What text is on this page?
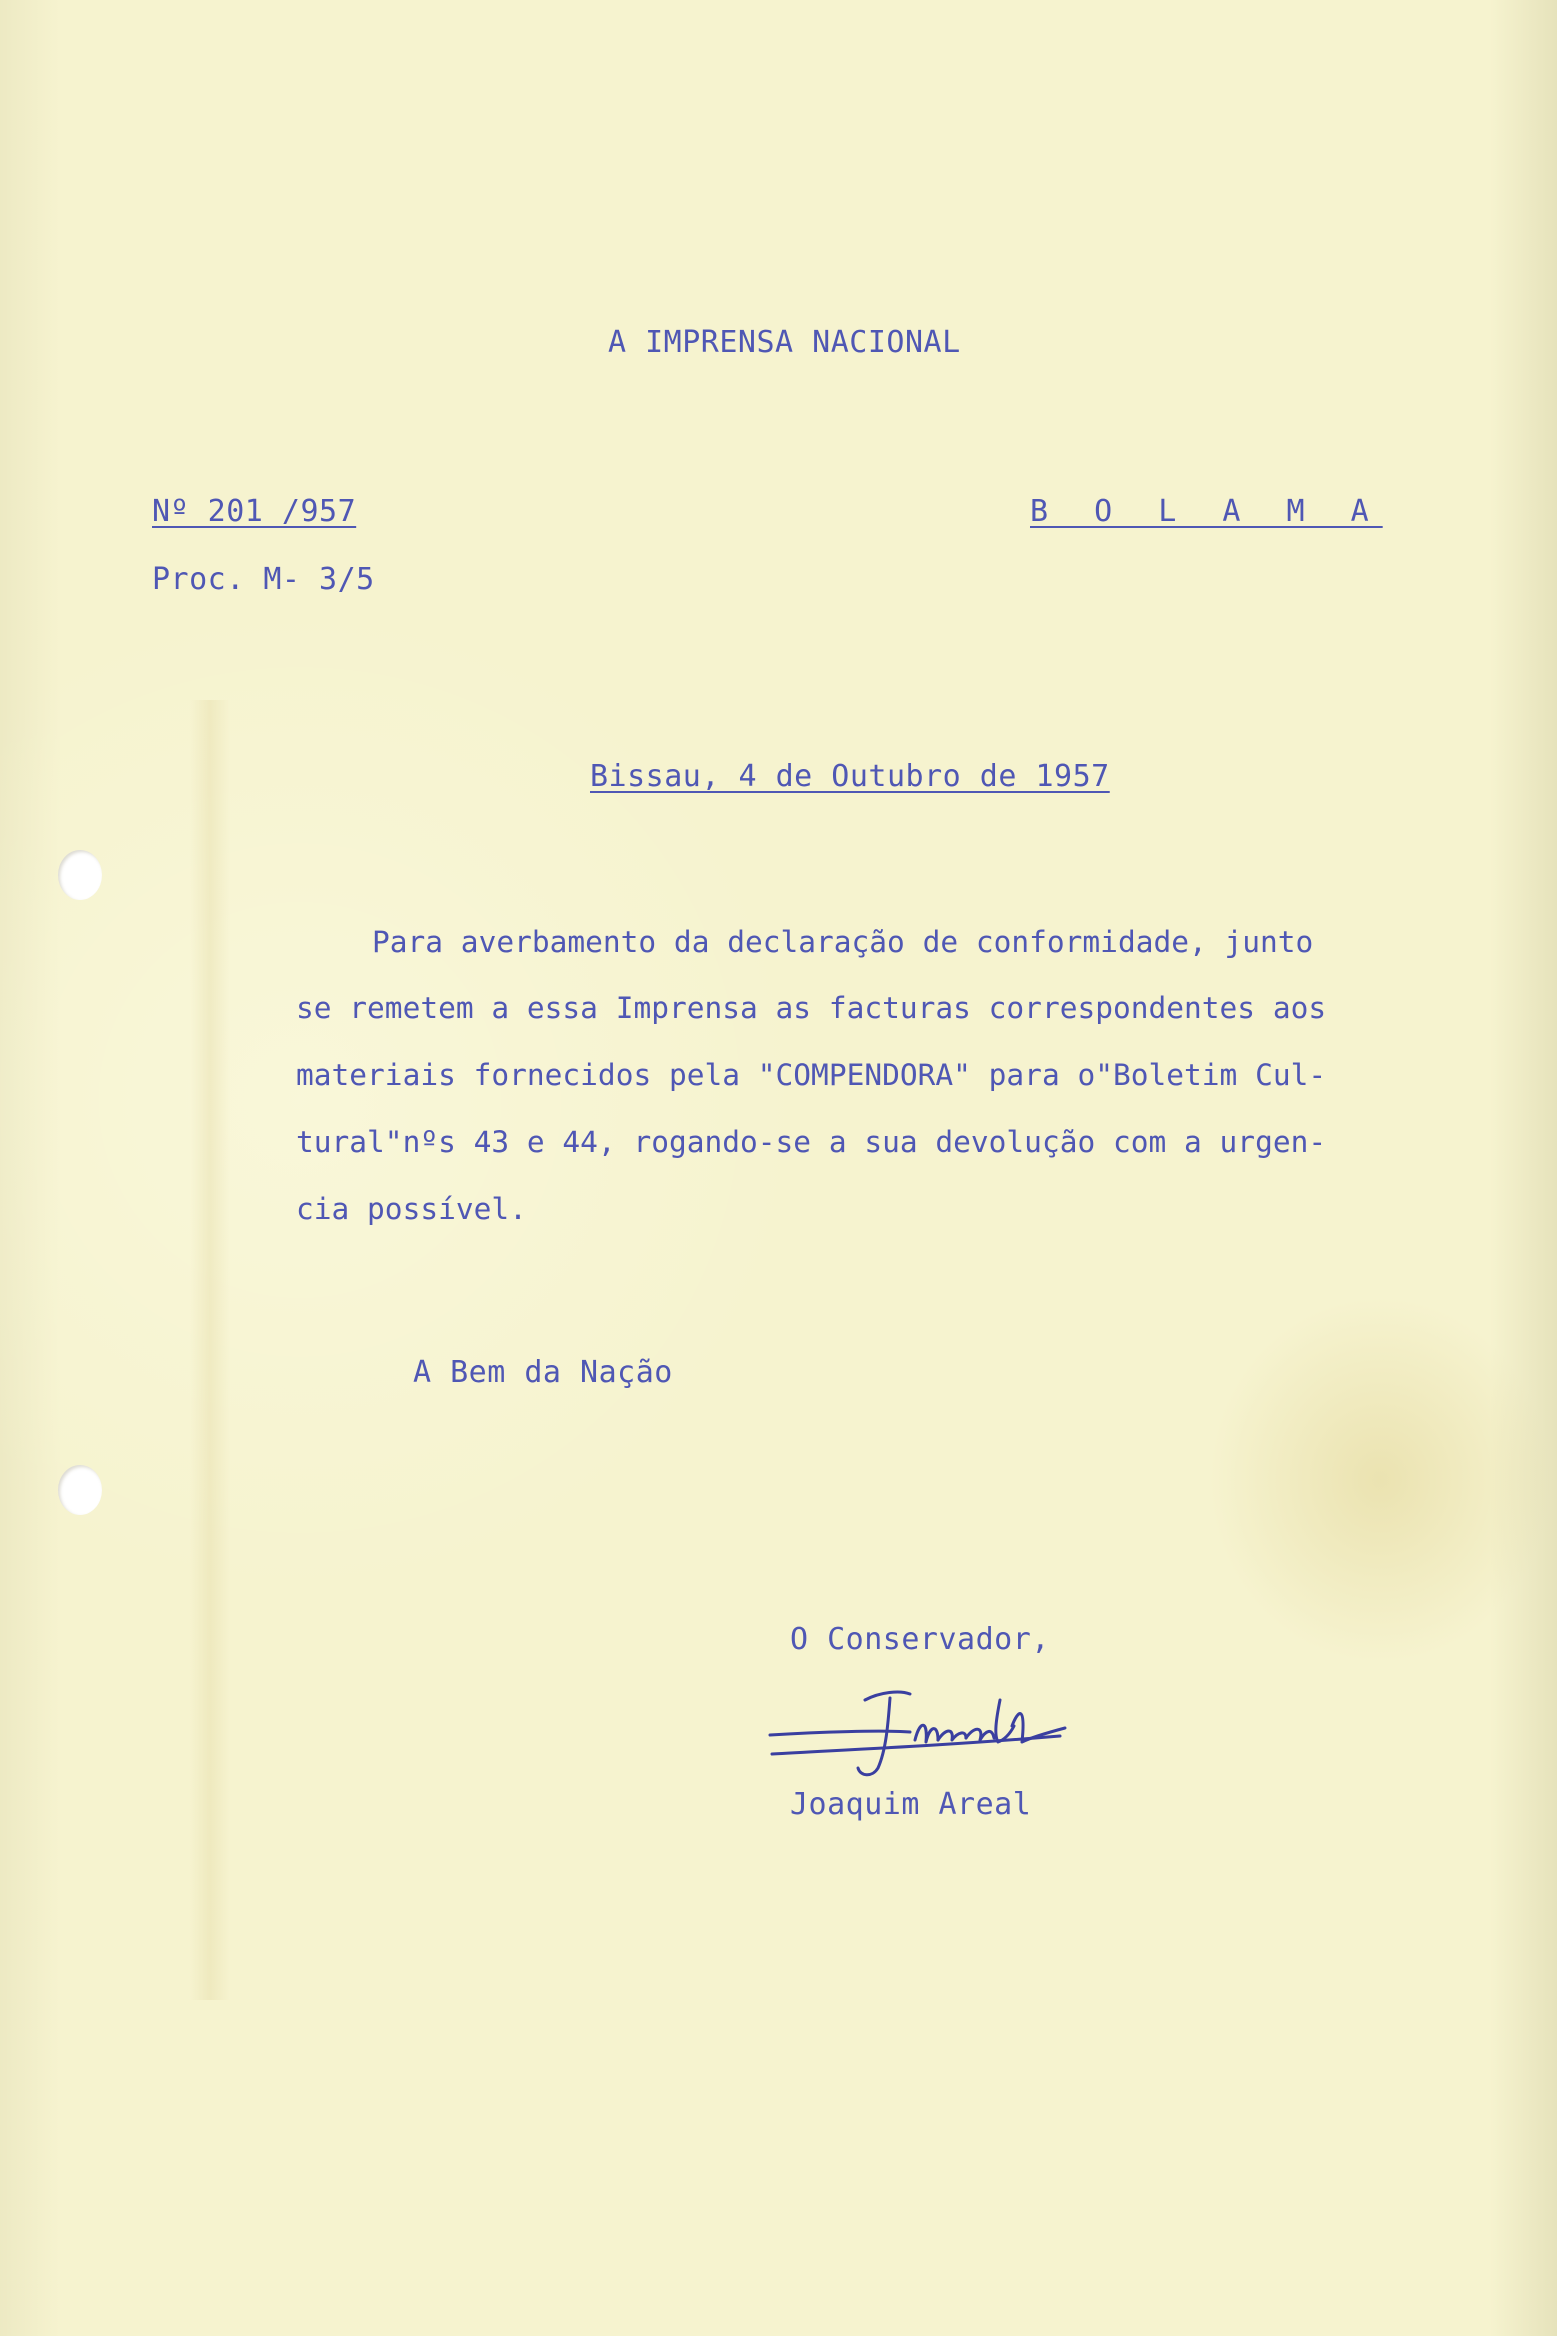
A IMPRENSA NACIONAL
Nº 201 /957	B O L A M A
Proc. M- 3/5
Bissau, 4 de Outubro de 1957
Para averbamento da declaração de conformidade, junto
se remetem a essa Imprensa as facturas correspondentes aos
materiais fornecidos pela "COMPENDORA" para o"Boletim Cul-
tural"nºs 43 e 44, rogando-se a sua devolução com a urgen-
cia possível.
A Bem da Nação
O Conservador,
Joaquim Areal
